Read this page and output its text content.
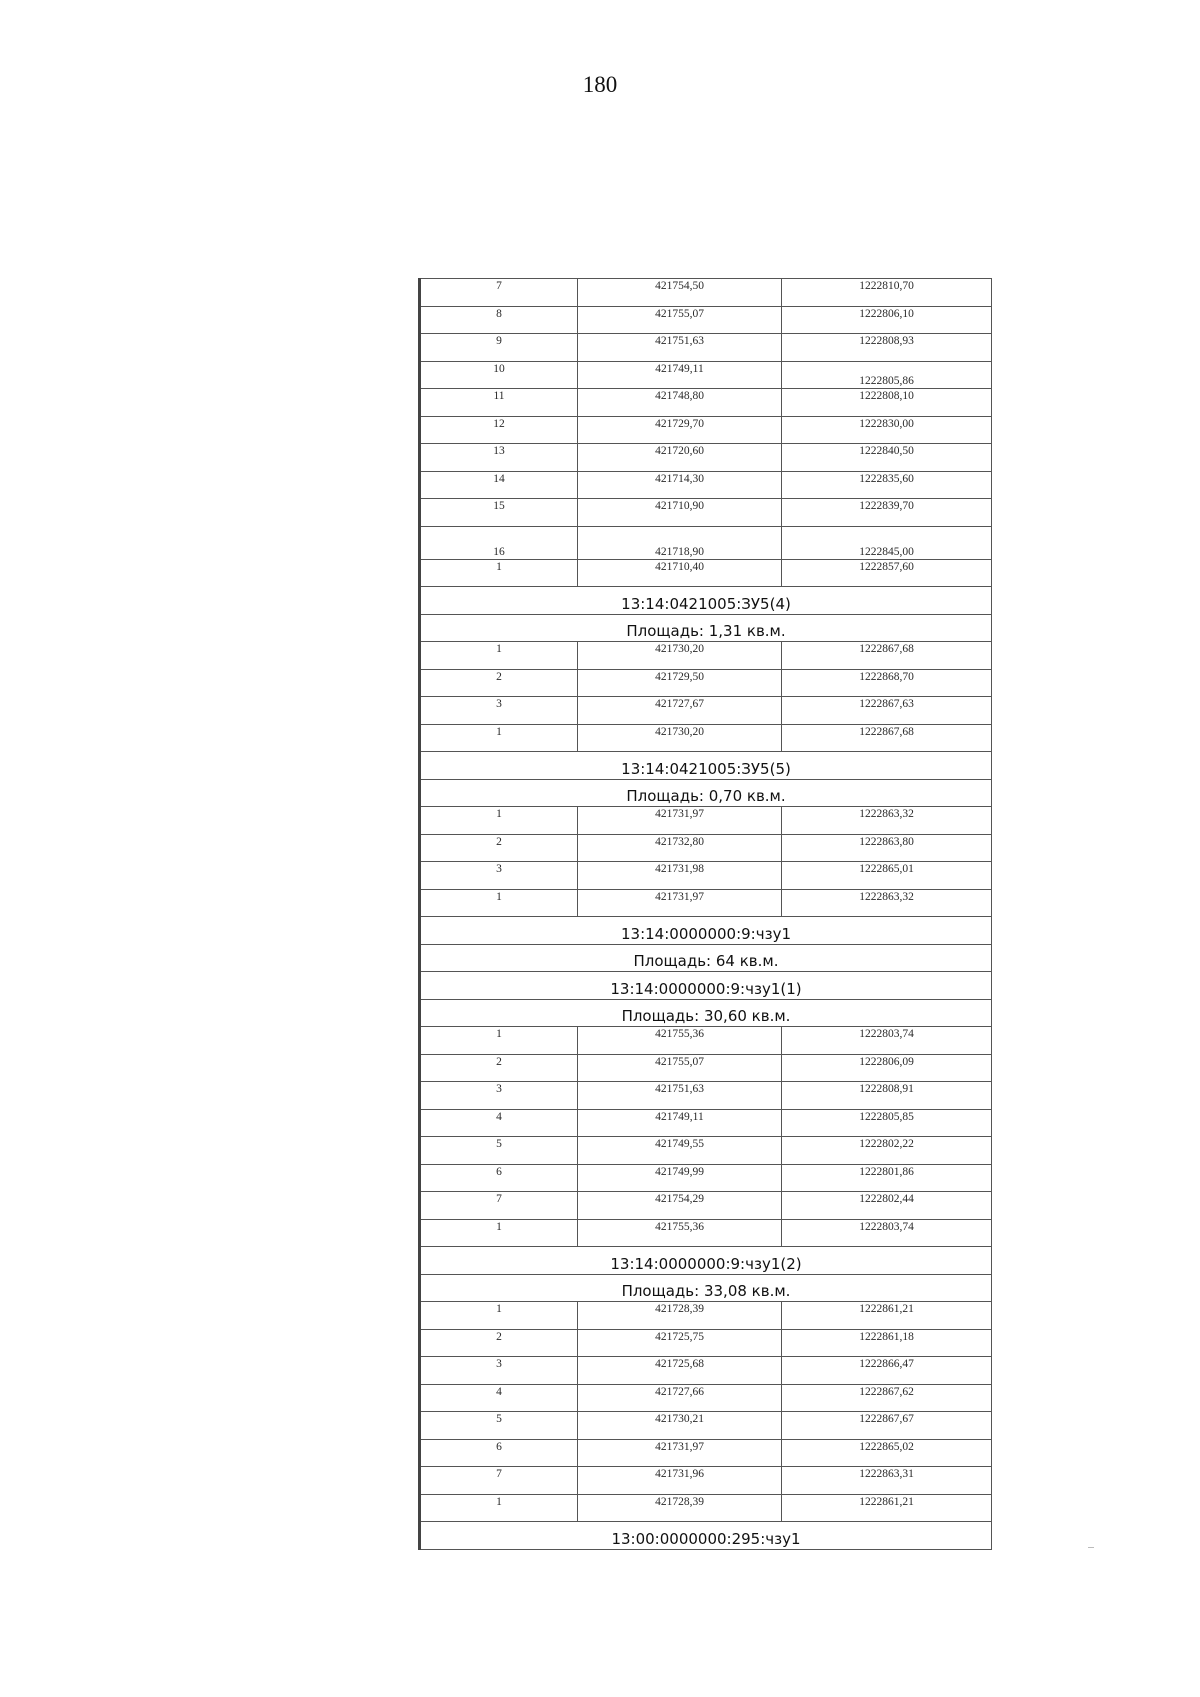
180
7	421754,50	1222810,70
8	421755,07	1222806,10
9	421751,63	1222808,93
10	421749,11	1222805,86
11	421748,80	1222808,10
12	421729,70	1222830,00
13	421720,60	1222840,50
14	421714,30	1222835,60
15	421710,90	1222839,70
16	421718,90	1222845,00
1	421710,40	1222857,60
13:14:0421005:ЗУ5(4)		
Площадь: 1,31 кв.м.		
1	421730,20	1222867,68
2	421729,50	1222868,70
3	421727,67	1222867,63
1	421730,20	1222867,68
13:14:0421005:ЗУ5(5)		
Площадь: 0,70 кв.м.		
1	421731,97	1222863,32
2	421732,80	1222863,80
3	421731,98	1222865,01
1	421731,97	1222863,32
13:14:0000000:9:чзу1		
Площадь: 64 кв.м.		
13:14:0000000:9:чзу1(1)		
Площадь: 30,60 кв.м.		
1	421755,36	1222803,74
2	421755,07	1222806,09
3	421751,63	1222808,91
4	421749,11	1222805,85
5	421749,55	1222802,22
6	421749,99	1222801,86
7	421754,29	1222802,44
1	421755,36	1222803,74
13:14:0000000:9:чзу1(2)		
Площадь: 33,08 кв.м.		
1	421728,39	1222861,21
2	421725,75	1222861,18
3	421725,68	1222866,47
4	421727,66	1222867,62
5	421730,21	1222867,67
6	421731,97	1222865,02
7	421731,96	1222863,31
1	421728,39	1222861,21
13:00:0000000:295:чзу1		
